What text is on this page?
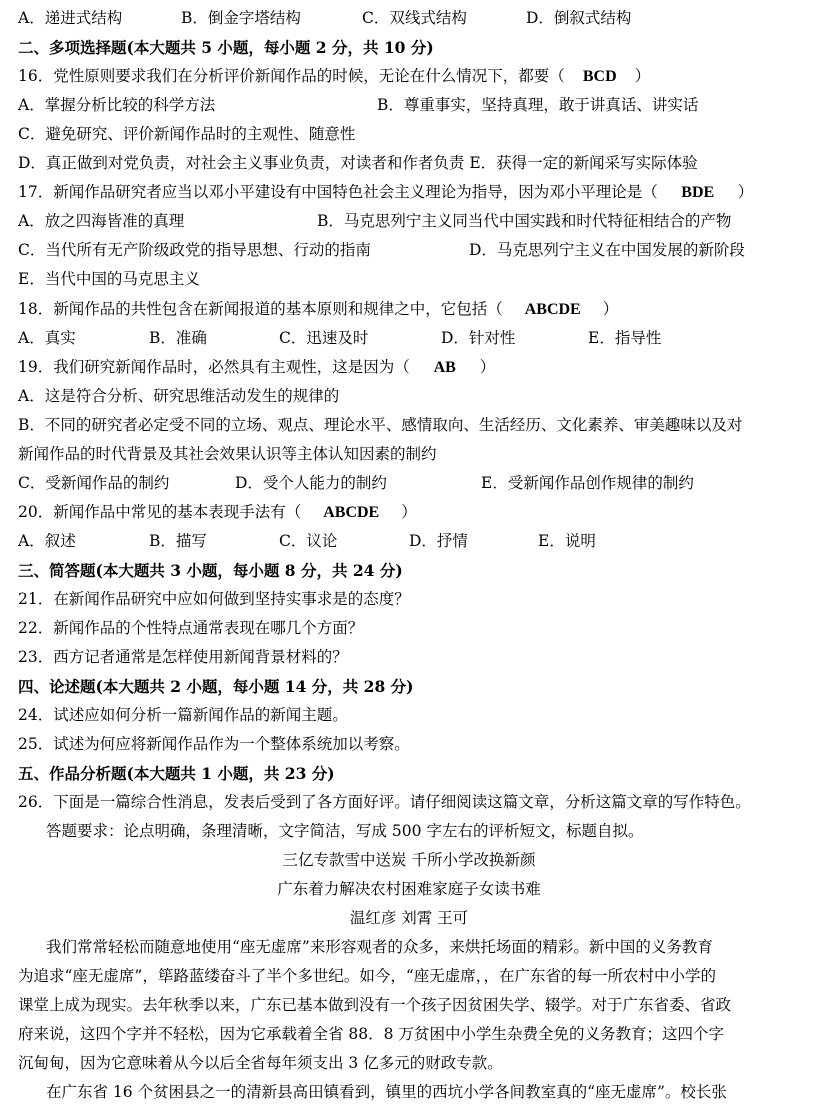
A．递进式结构	B．倒金字塔结构	C．双线式结构	D．倒叙式结构
二、多项选择题(本大题共 5 小题，每小题 2 分，共 10 分)
16．党性原则要求我们在分析评价新闻作品的时候，无论在什么情况下，都要（ BCD ）
A．掌握分析比较的科学方法	B．尊重事实，坚持真理，敢于讲真话、讲实话
C．避免研究、评价新闻作品时的主观性、随意性
D．真正做到对党负责，对社会主义事业负责，对读者和作者负责 E．获得一定的新闻采写实际体验
17．新闻作品研究者应当以邓小平建设有中国特色社会主义理论为指导，因为邓小平理论是（ BDE ）
A．放之四海皆准的真理	B．马克思列宁主义同当代中国实践和时代特征相结合的产物
C．当代所有无产阶级政党的指导思想、行动的指南	D．马克思列宁主义在中国发展的新阶段
E．当代中国的马克思主义
18．新闻作品的共性包含在新闻报道的基本原则和规律之中，它包括（ ABCDE ）
A．真实	B．准确	C．迅速及时	D．针对性	E．指导性
19．我们研究新闻作品时，必然具有主观性，这是因为（ AB ）
A．这是符合分析、研究思维活动发生的规律的
B．不同的研究者必定受不同的立场、观点、理论水平、感情取向、生活经历、文化素养、审美趣味以及对
新闻作品的时代背景及其社会效果认识等主体认知因素的制约
C．受新闻作品的制约	D．受个人能力的制约	E．受新闻作品创作规律的制约
20．新闻作品中常见的基本表现手法有（ ABCDE ）
A．叙述	B．描写	C．议论	D．抒情	E．说明
三、简答题(本大题共 3 小题，每小题 8 分，共 24 分)
21．在新闻作品研究中应如何做到坚持实事求是的态度？
22．新闻作品的个性特点通常表现在哪几个方面？
23．西方记者通常是怎样使用新闻背景材料的？
四、论述题(本大题共 2 小题，每小题 14 分，共 28 分)
24．试述应如何分析一篇新闻作品的新闻主题。
25．试述为何应将新闻作品作为一个整体系统加以考察。
五、作品分析题(本大题共 1 小题，共 23 分)
26．下面是一篇综合性消息，发表后受到了各方面好评。请仔细阅读这篇文章，分析这篇文章的写作特色。
答题要求：论点明确，条理清晰，文字简洁，写成 500 字左右的评析短文，标题自拟。
三亿专款雪中送炭 千所小学改换新颜
广东着力解决农村困难家庭子女读书难
温红彦 刘霄 王可
我们常常轻松而随意地使用“座无虚席”来形容观者的众多，来烘托场面的精彩。新中国的义务教育
为追求“座无虚席”，筚路蓝缕奋斗了半个多世纪。如今，“座无虚席，，在广东省的每一所农村中小学的
课堂上成为现实。去年秋季以来，广东已基本做到没有一个孩子因贫困失学、辍学。对于广东省委、省政
府来说，这四个字并不轻松，因为它承载着全省 88．8 万贫困中小学生杂费全免的义务教育；这四个字
沉甸甸，因为它意味着从今以后全省每年须支出 3 亿多元的财政专款。
在广东省 16 个贫困县之一的清新县高田镇看到，镇里的西坑小学各间教室真的“座无虚席”。校长张
